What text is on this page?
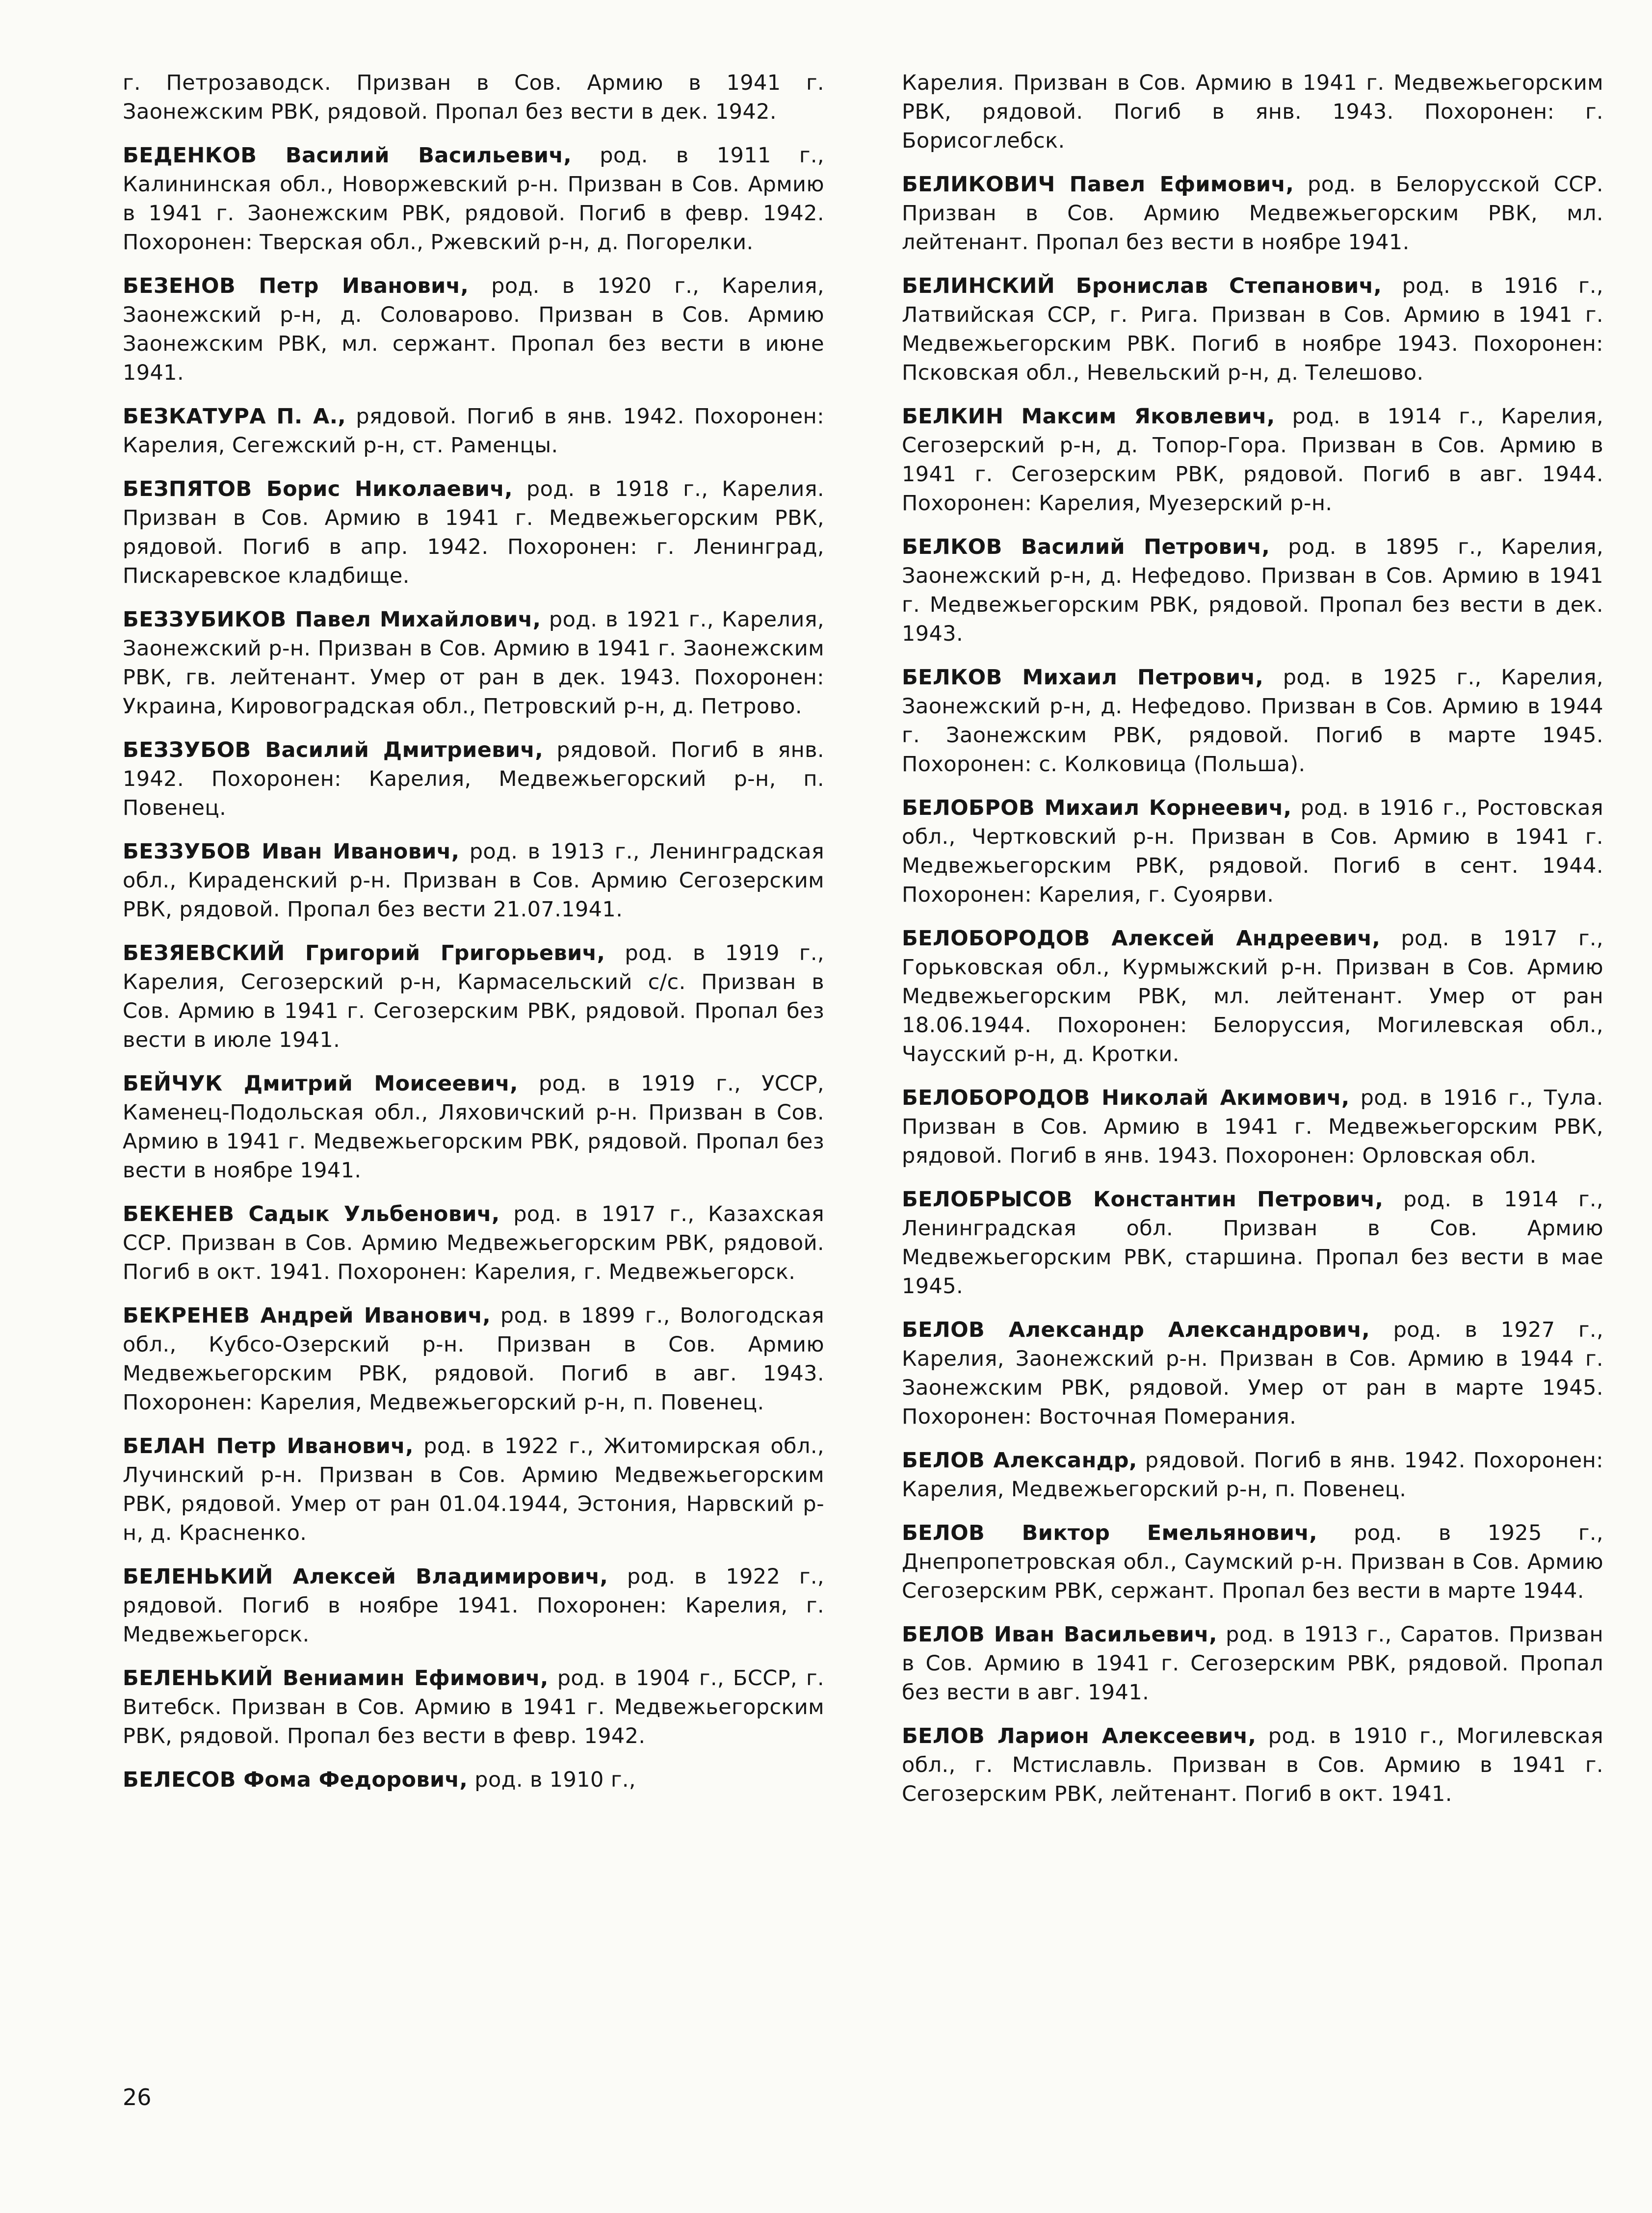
г. Петрозаводск. Призван в Сов. Армию в 1941 г. Заонежским РВК, рядовой. Пропал без вести в дек. 1942.

БЕДЕНКОВ Василий Васильевич, род. в 1911 г., Калининская обл., Новоржевский р-н. Призван в Сов. Армию в 1941 г. Заонежским РВК, рядовой. Погиб в февр. 1942. Похоронен: Тверская обл., Ржевский р-н, д. Погорелки.

БЕЗЕНОВ Петр Иванович, род. в 1920 г., Карелия, Заонежский р-н, д. Соловарово. Призван в Сов. Армию Заонежским РВК, мл. сержант. Пропал без вести в июне 1941.

БЕЗКАТУРА П. А., рядовой. Погиб в янв. 1942. Похоронен: Карелия, Сегежский р-н, ст. Раменцы.

БЕЗПЯТОВ Борис Николаевич, род. в 1918 г., Карелия. Призван в Сов. Армию в 1941 г. Медвежьегорским РВК, рядовой. Погиб в апр. 1942. Похоронен: г. Ленинград, Пискаревское кладбище.

БЕЗЗУБИКОВ Павел Михайлович, род. в 1921 г., Карелия, Заонежский р-н. Призван в Сов. Армию в 1941 г. Заонежским РВК, гв. лейтенант. Умер от ран в дек. 1943. Похоронен: Украина, Кировоградская обл., Петровский р-н, д. Петрово.

БЕЗЗУБОВ Василий Дмитриевич, рядовой. Погиб в янв. 1942. Похоронен: Карелия, Медвежьегорский р-н, п. Повенец.

БЕЗЗУБОВ Иван Иванович, род. в 1913 г., Ленинградская обл., Кираденский р-н. Призван в Сов. Армию Сегозерским РВК, рядовой. Пропал без вести 21.07.1941.

БЕЗЯЕВСКИЙ Григорий Григорьевич, род. в 1919 г., Карелия, Сегозерский р-н, Кармасельский с/с. Призван в Сов. Армию в 1941 г. Сегозерским РВК, рядовой. Пропал без вести в июле 1941.

БЕЙЧУК Дмитрий Моисеевич, род. в 1919 г., УССР, Каменец-Подольская обл., Ляховичский р-н. Призван в Сов. Армию в 1941 г. Медвежьегорским РВК, рядовой. Пропал без вести в ноябре 1941.

БЕКЕНЕВ Садык Ульбенович, род. в 1917 г., Казахская ССР. Призван в Сов. Армию Медвежьегорским РВК, рядовой. Погиб в окт. 1941. Похоронен: Карелия, г. Медвежьегорск.

БЕКРЕНЕВ Андрей Иванович, род. в 1899 г., Вологодская обл., Кубсо-Озерский р-н. Призван в Сов. Армию Медвежьегорским РВК, рядовой. Погиб в авг. 1943. Похоронен: Карелия, Медвежьегорский р-н, п. Повенец.

БЕЛАН Петр Иванович, род. в 1922 г., Житомирская обл., Лучинский р-н. Призван в Сов. Армию Медвежьегорским РВК, рядовой. Умер от ран 01.04.1944, Эстония, Нарвский р-н, д. Красненко.

БЕЛЕНЬКИЙ Алексей Владимирович, род. в 1922 г., рядовой. Погиб в ноябре 1941. Похоронен: Карелия, г. Медвежьегорск.

БЕЛЕНЬКИЙ Вениамин Ефимович, род. в 1904 г., БССР, г. Витебск. Призван в Сов. Армию в 1941 г. Медвежьегорским РВК, рядовой. Пропал без вести в февр. 1942.

БЕЛЕСОВ Фома Федорович, род. в 1910 г.,

Карелия. Призван в Сов. Армию в 1941 г. Медвежьегорским РВК, рядовой. Погиб в янв. 1943. Похоронен: г. Борисоглебск.

БЕЛИКОВИЧ Павел Ефимович, род. в Белорусской ССР. Призван в Сов. Армию Медвежьегорским РВК, мл. лейтенант. Пропал без вести в ноябре 1941.

БЕЛИНСКИЙ Бронислав Степанович, род. в 1916 г., Латвийская ССР, г. Рига. Призван в Сов. Армию в 1941 г. Медвежьегорским РВК. Погиб в ноябре 1943. Похоронен: Псковская обл., Невельский р-н, д. Телешово.

БЕЛКИН Максим Яковлевич, род. в 1914 г., Карелия, Сегозерский р-н, д. Топор-Гора. Призван в Сов. Армию в 1941 г. Сегозерским РВК, рядовой. Погиб в авг. 1944. Похоронен: Карелия, Муезерский р-н.

БЕЛКОВ Василий Петрович, род. в 1895 г., Карелия, Заонежский р-н, д. Нефедово. Призван в Сов. Армию в 1941 г. Медвежьегорским РВК, рядовой. Пропал без вести в дек. 1943.

БЕЛКОВ Михаил Петрович, род. в 1925 г., Карелия, Заонежский р-н, д. Нефедово. Призван в Сов. Армию в 1944 г. Заонежским РВК, рядовой. Погиб в марте 1945. Похоронен: с. Колковица (Польша).

БЕЛОБРОВ Михаил Корнеевич, род. в 1916 г., Ростовская обл., Чертковский р-н. Призван в Сов. Армию в 1941 г. Медвежьегорским РВК, рядовой. Погиб в сент. 1944. Похоронен: Карелия, г. Суоярви.

БЕЛОБОРОДОВ Алексей Андреевич, род. в 1917 г., Горьковская обл., Курмыжский р-н. Призван в Сов. Армию Медвежьегорским РВК, мл. лейтенант. Умер от ран 18.06.1944. Похоронен: Белоруссия, Могилевская обл., Чаусский р-н, д. Кротки.

БЕЛОБОРОДОВ Николай Акимович, род. в 1916 г., Тула. Призван в Сов. Армию в 1941 г. Медвежьегорским РВК, рядовой. Погиб в янв. 1943. Похоронен: Орловская обл.

БЕЛОБРЫСОВ Константин Петрович, род. в 1914 г., Ленинградская обл. Призван в Сов. Армию Медвежьегорским РВК, старшина. Пропал без вести в мае 1945.

БЕЛОВ Александр Александрович, род. в 1927 г., Карелия, Заонежский р-н. Призван в Сов. Армию в 1944 г. Заонежским РВК, рядовой. Умер от ран в марте 1945. Похоронен: Восточная Померания.

БЕЛОВ Александр, рядовой. Погиб в янв. 1942. Похоронен: Карелия, Медвежьегорский р-н, п. Повенец.

БЕЛОВ Виктор Емельянович, род. в 1925 г., Днепропетровская обл., Саумский р-н. Призван в Сов. Армию Сегозерским РВК, сержант. Пропал без вести в марте 1944.

БЕЛОВ Иван Васильевич, род. в 1913 г., Саратов. Призван в Сов. Армию в 1941 г. Сегозерским РВК, рядовой. Пропал без вести в авг. 1941.

БЕЛОВ Ларион Алексеевич, род. в 1910 г., Могилевская обл., г. Мстиславль. Призван в Сов. Армию в 1941 г. Сегозерским РВК, лейтенант. Погиб в окт. 1941.

26
